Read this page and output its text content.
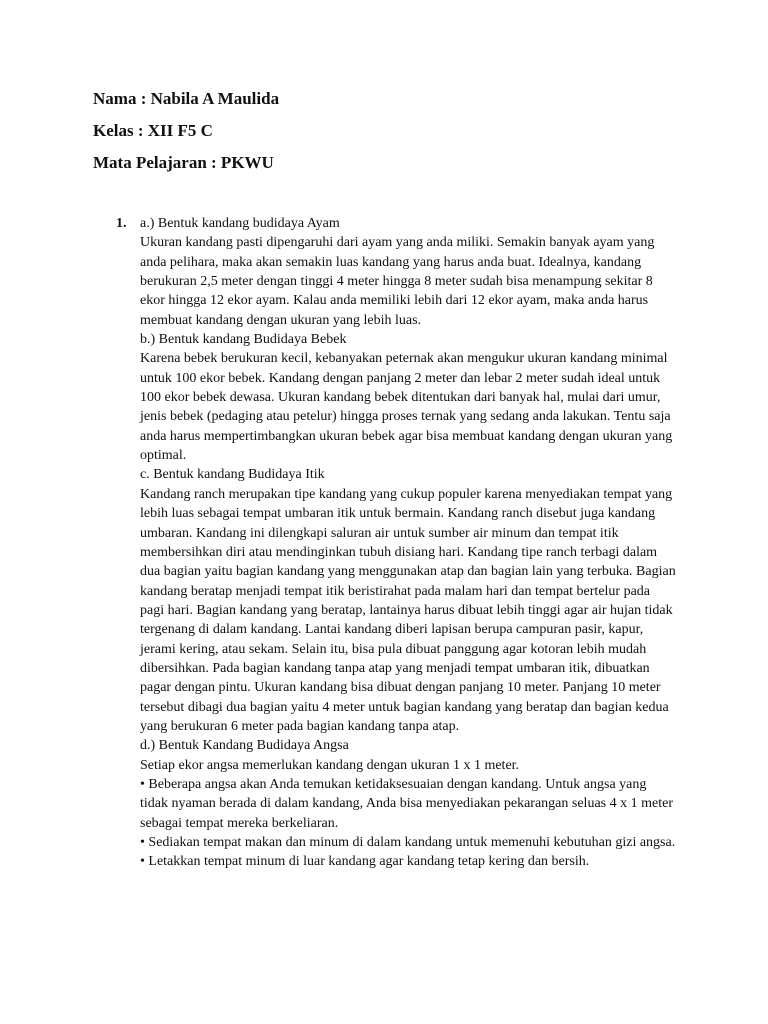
Nama : Nabila A Maulida

Kelas : XII F5 C

Mata Pelajaran : PKWU

1. a.) Bentuk kandang budidaya Ayam

Ukuran kandang pasti dipengaruhi dari ayam yang anda miliki. Semakin banyak ayam yang anda pelihara, maka akan semakin luas kandang yang harus anda buat. Idealnya, kandang berukuran 2,5 meter dengan tinggi 4 meter hingga 8 meter sudah bisa menampung sekitar 8 ekor hingga 12 ekor ayam. Kalau anda memiliki lebih dari 12 ekor ayam, maka anda harus membuat kandang dengan ukuran yang lebih luas.

b.) Bentuk kandang Budidaya Bebek

Karena bebek berukuran kecil, kebanyakan peternak akan mengukur ukuran kandang minimal untuk 100 ekor bebek. Kandang dengan panjang 2 meter dan lebar 2 meter sudah ideal untuk 100 ekor bebek dewasa. Ukuran kandang bebek ditentukan dari banyak hal, mulai dari umur, jenis bebek (pedaging atau petelur) hingga proses ternak yang sedang anda lakukan. Tentu saja anda harus mempertimbangkan ukuran bebek agar bisa membuat kandang dengan ukuran yang optimal.

c. Bentuk kandang Budidaya Itik

Kandang ranch merupakan tipe kandang yang cukup populer karena menyediakan tempat yang lebih luas sebagai tempat umbaran itik untuk bermain. Kandang ranch disebut juga kandang umbaran. Kandang ini dilengkapi saluran air untuk sumber air minum dan tempat itik membersihkan diri atau mendinginkan tubuh disiang hari. Kandang tipe ranch terbagi dalam dua bagian yaitu bagian kandang yang menggunakan atap dan bagian lain yang terbuka. Bagian kandang beratap menjadi tempat itik beristirahat pada malam hari dan tempat bertelur pada pagi hari. Bagian kandang yang beratap, lantainya harus dibuat lebih tinggi agar air hujan tidak tergenang di dalam kandang. Lantai kandang diberi lapisan berupa campuran pasir, kapur, jerami kering, atau sekam. Selain itu, bisa pula dibuat panggung agar kotoran lebih mudah dibersihkan. Pada bagian kandang tanpa atap yang menjadi tempat umbaran itik, dibuatkan pagar dengan pintu. Ukuran kandang bisa dibuat dengan panjang 10 meter. Panjang 10 meter tersebut dibagi dua bagian yaitu 4 meter untuk bagian kandang yang beratap dan bagian kedua yang berukuran 6 meter pada bagian kandang tanpa atap.

d.) Bentuk Kandang Budidaya Angsa

Setiap ekor angsa memerlukan kandang dengan ukuran 1 x 1 meter.

• Beberapa angsa akan Anda temukan ketidaksesuaian dengan kandang. Untuk angsa yang tidak nyaman berada di dalam kandang, Anda bisa menyediakan pekarangan seluas 4 x 1 meter sebagai tempat mereka berkeliaran.

• Sediakan tempat makan dan minum di dalam kandang untuk memenuhi kebutuhan gizi angsa.

• Letakkan tempat minum di luar kandang agar kandang tetap kering dan bersih.
